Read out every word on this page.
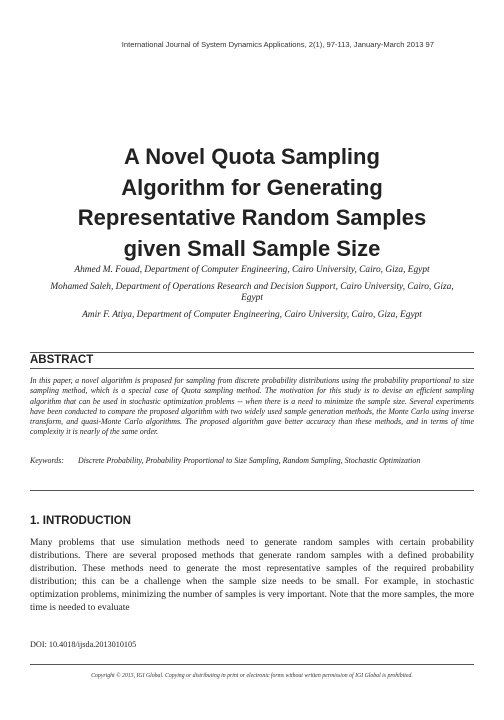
International Journal of System Dynamics Applications, 2(1), 97-113, January-March 2013 97
A Novel Quota Sampling
Algorithm for Generating
Representative Random Samples
given Small Sample Size

Ahmed M. Fouad, Department of Computer Engineering, Cairo University, Cairo, Giza, Egypt

Mohamed Saleh, Department of Operations Research and Decision Support, Cairo University, Cairo, Giza, Egypt

Amir F. Atiya, Department of Computer Engineering, Cairo University, Cairo, Giza, Egypt

ABSTRACT
In this paper, a novel algorithm is proposed for sampling from discrete probability distributions using the probability proportional to size sampling method, which is a special case of Quota sampling method. The motivation for this study is to devise an efficient sampling algorithm that can be used in stochastic optimization problems -- when there is a need to minimize the sample size. Several experiments have been conducted to compare the proposed algorithm with two widely used sample generation methods, the Monte Carlo using inverse transform, and quasi-Monte Carlo algorithms. The proposed algorithm gave better accuracy than these methods, and in terms of time complexity it is nearly of the same order.
Keywords:	Discrete Probability, Probability Proportional to Size Sampling, Random Sampling, Stochastic Optimization
1. INTRODUCTION
Many problems that use simulation methods need to generate random samples with certain probability distributions. There are several proposed methods that generate random samples with a defined probability distribution. These methods need to generate the most representative samples of the required probability distribution; this can be a challenge when the sample size needs to be small. For example, in stochastic optimization problems, minimizing the number of samples is very important. Note that the more samples, the more time is needed to evaluate
DOI: 10.4018/ijsda.2013010105
Copyright © 2013, IGI Global. Copying or distributing in print or electronic forms without written permission of IGI Global is prohibited.
